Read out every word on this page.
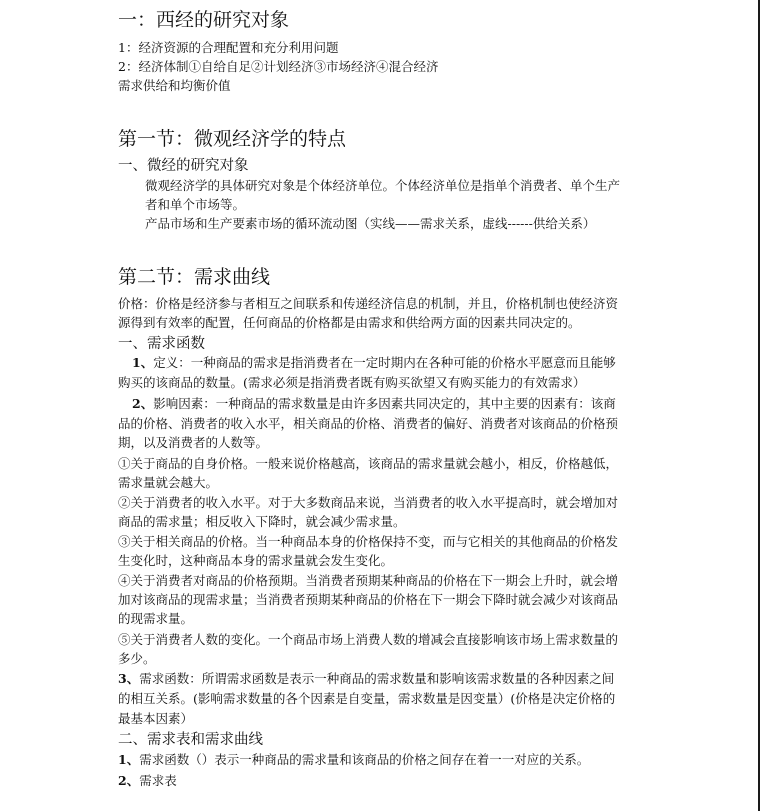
一：西经的研究对象
1：经济资源的合理配置和充分利用问题
2：经济体制①自给自足②计划经济③市场经济④混合经济
需求供给和均衡价值
第一节：微观经济学的特点
一、微经的研究对象
微观经济学的具体研究对象是个体经济单位。个体经济单位是指单个消费者、单个生产
者和单个市场等。
产品市场和生产要素市场的循环流动图（实线——需求关系，虚线------供给关系）
第二节：需求曲线
价格：价格是经济参与者相互之间联系和传递经济信息的机制，并且，价格机制也使经济资
源得到有效率的配置，任何商品的价格都是由需求和供给两方面的因素共同决定的。
一、需求函数
1、定义：一种商品的需求是指消费者在一定时期内在各种可能的价格水平愿意而且能够
购买的该商品的数量。(需求必须是指消费者既有购买欲望又有购买能力的有效需求）
2、影响因素：一种商品的需求数量是由许多因素共同决定的，其中主要的因素有：该商
品的价格、消费者的收入水平，相关商品的价格、消费者的偏好、消费者对该商品的价格预
期，以及消费者的人数等。
①关于商品的自身价格。一般来说价格越高，该商品的需求量就会越小，相反，价格越低，
需求量就会越大。
②关于消费者的收入水平。对于大多数商品来说，当消费者的收入水平提高时，就会增加对
商品的需求量；相反收入下降时，就会减少需求量。
③关于相关商品的价格。当一种商品本身的价格保持不变，而与它相关的其他商品的价格发
生变化时，这种商品本身的需求量就会发生变化。
④关于消费者对商品的价格预期。当消费者预期某种商品的价格在下一期会上升时，就会增
加对该商品的现需求量；当消费者预期某种商品的价格在下一期会下降时就会减少对该商品
的现需求量。
⑤关于消费者人数的变化。一个商品市场上消费人数的增减会直接影响该市场上需求数量的
多少。
3、需求函数：所谓需求函数是表示一种商品的需求数量和影响该需求数量的各种因素之间
的相互关系。(影响需求数量的各个因素是自变量，需求数量是因变量）(价格是决定价格的
最基本因素）
二、需求表和需求曲线
1、需求函数（）表示一种商品的需求量和该商品的价格之间存在着一一对应的关系。
2、需求表
